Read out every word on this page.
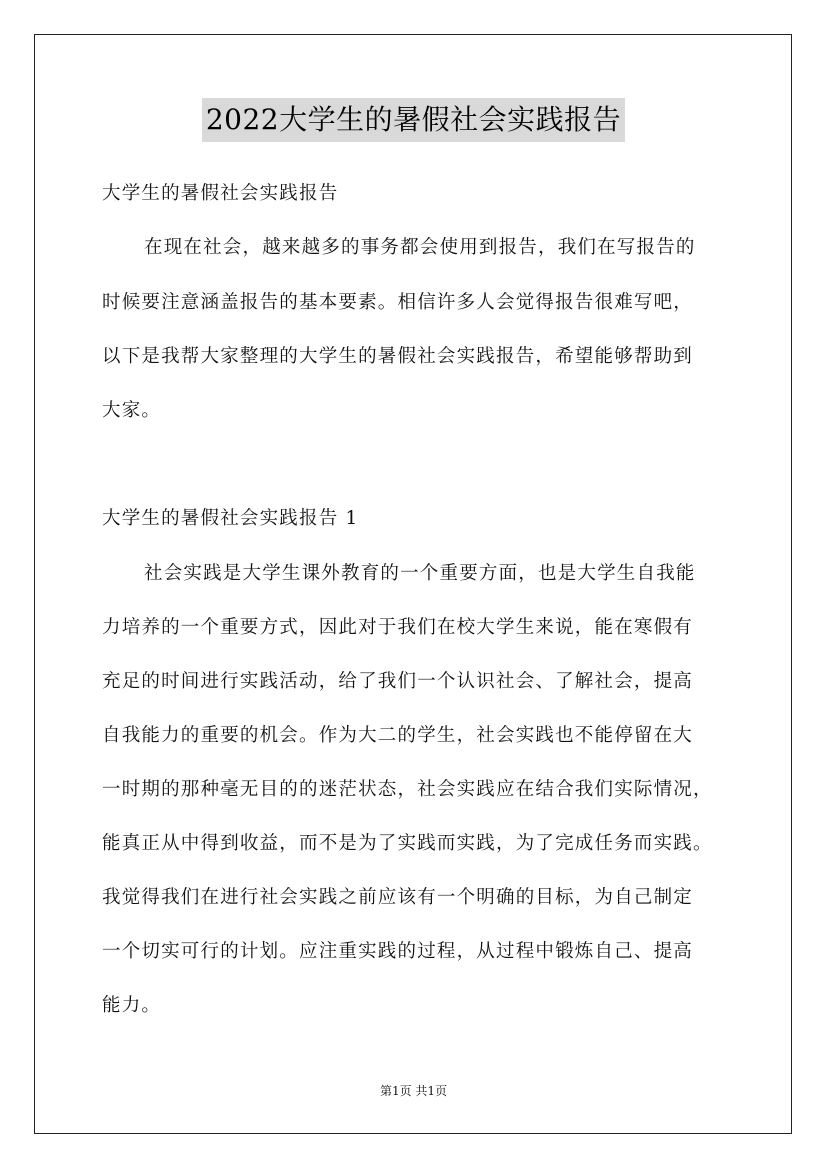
2022大学生的暑假社会实践报告
大学生的暑假社会实践报告
在现在社会，越来越多的事务都会使用到报告，我们在写报告的
时候要注意涵盖报告的基本要素。相信许多人会觉得报告很难写吧，
以下是我帮大家整理的大学生的暑假社会实践报告，希望能够帮助到
大家。
大学生的暑假社会实践报告 1
社会实践是大学生课外教育的一个重要方面，也是大学生自我能
力培养的一个重要方式，因此对于我们在校大学生来说，能在寒假有
充足的时间进行实践活动，给了我们一个认识社会、了解社会，提高
自我能力的重要的机会。作为大二的学生，社会实践也不能停留在大
一时期的那种毫无目的的迷茫状态，社会实践应在结合我们实际情况，
能真正从中得到收益，而不是为了实践而实践，为了完成任务而实践。
我觉得我们在进行社会实践之前应该有一个明确的目标，为自己制定
一个切实可行的计划。应注重实践的过程，从过程中锻炼自己、提高
能力。
第1页 共1页
